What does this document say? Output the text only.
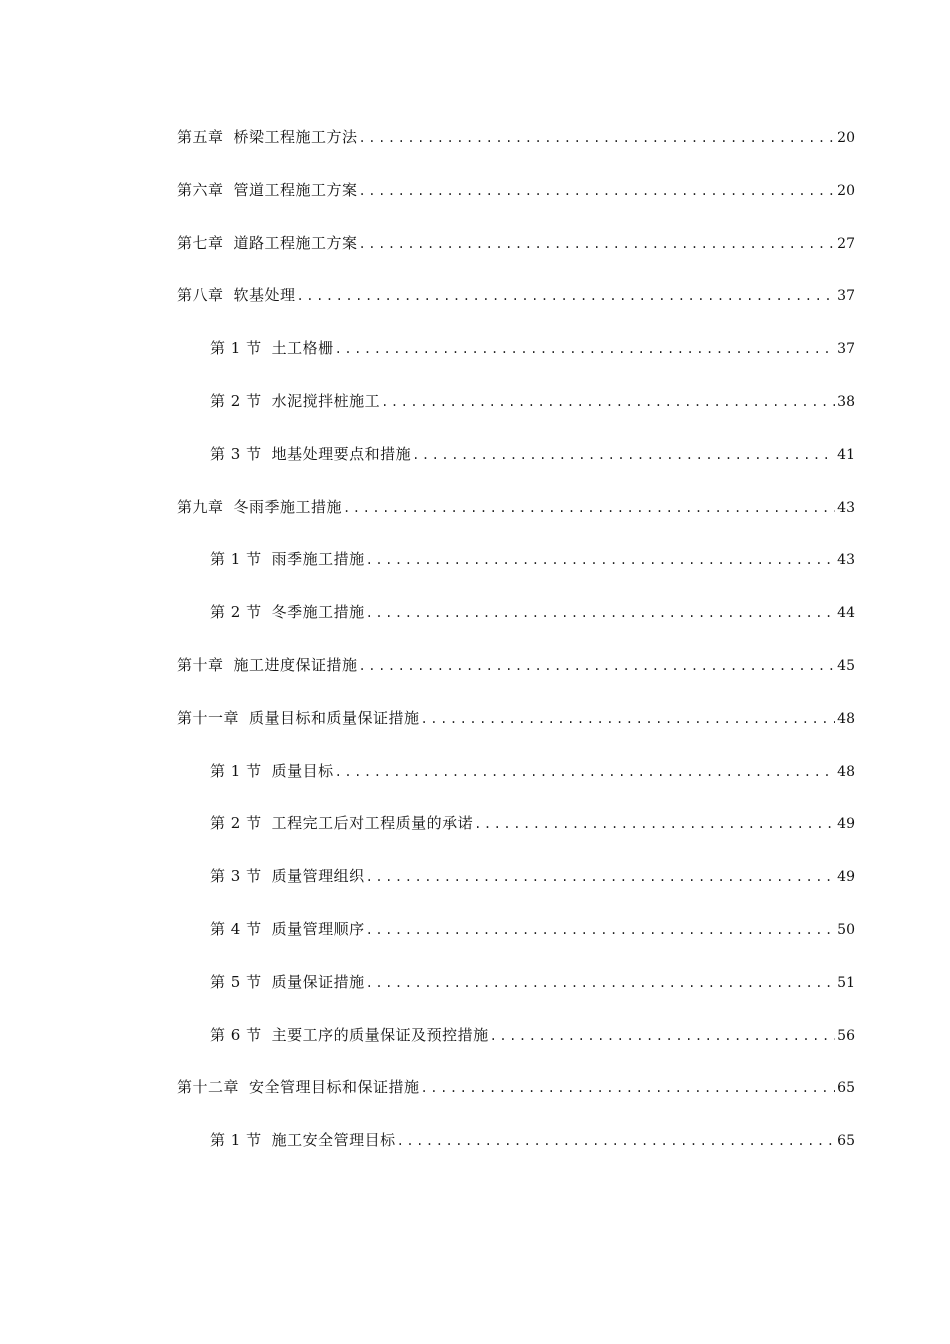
第五章 桥梁工程施工方法 .....	20
第六章 管道工程施工方案 .....	20
第七章 道路工程施工方案 .....	27
第八章 软基处理 .....	37
第 1 节 土工格栅 .....	37
第 2 节 水泥搅拌桩施工 .....	38
第 3 节 地基处理要点和措施 .....	41
第九章 冬雨季施工措施 .....	43
第 1 节 雨季施工措施 .....	43
第 2 节 冬季施工措施 .....	44
第十章 施工进度保证措施 .....	45
第十一章 质量目标和质量保证措施 .....	48
第 1 节 质量目标 .....	48
第 2 节 工程完工后对工程质量的承诺 .....	49
第 3 节 质量管理组织 .....	49
第 4 节 质量管理顺序 .....	50
第 5 节 质量保证措施 .....	51
第 6 节 主要工序的质量保证及预控措施 .....	56
第十二章 安全管理目标和保证措施 .....	65
第 1 节 施工安全管理目标 .....	65
